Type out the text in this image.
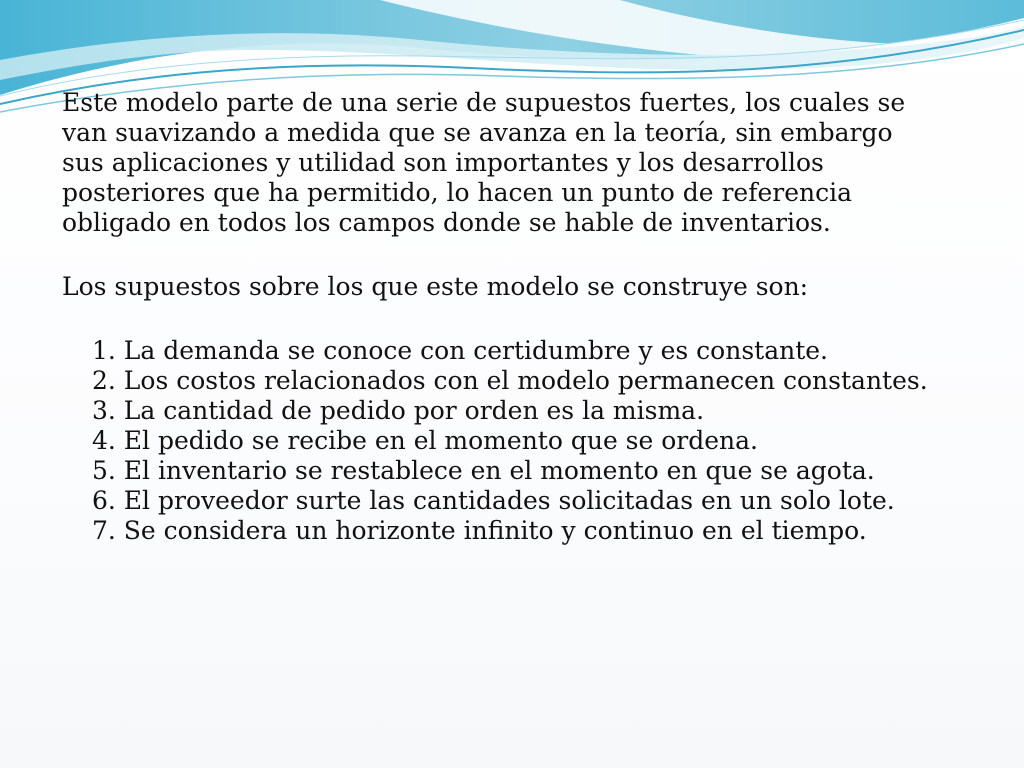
Este modelo parte de una serie de supuestos fuertes, los cuales se van suavizando a medida que se avanza en la teoría, sin embargo sus aplicaciones y utilidad son importantes y los desarrollos posteriores que ha permitido, lo hacen un punto de referencia obligado en todos los campos donde se hable de inventarios.

Los supuestos sobre los que este modelo se construye son:

1. La demanda se conoce con certidumbre y es constante.
2. Los costos relacionados con el modelo permanecen constantes.
3. La cantidad de pedido por orden es la misma.
4. El pedido se recibe en el momento que se ordena.
5. El inventario se restablece en el momento en que se agota.
6. El proveedor surte las cantidades solicitadas en un solo lote.
7. Se considera un horizonte infinito y continuo en el tiempo.
